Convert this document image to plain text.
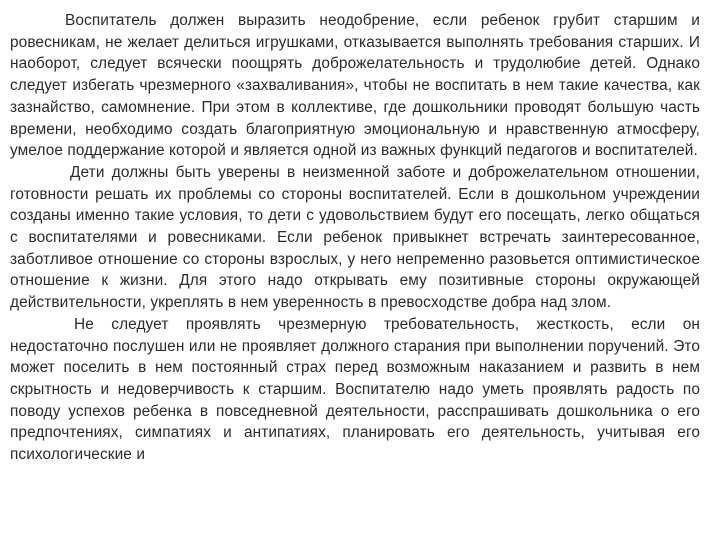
Воспитатель должен выразить неодобрение, если ребенок грубит старшим и ровесникам, не желает делиться игрушками, отказывается выполнять требования старших. И наоборот, следует всячески поощрять доброжелательность и трудолюбие детей. Однако следует избегать чрезмерного «захваливания», чтобы не воспитать в нем такие качества, как зазнайство, самомнение. При этом в коллективе, где дошкольники проводят большую часть времени, необходимо создать благоприятную эмоциональную и нравственную атмосферу, умелое поддержание которой и является одной из важных функций педагогов и воспитателей.

Дети должны быть уверены в неизменной заботе и доброжелательном отношении, готовности решать их проблемы со стороны воспитателей. Если в дошкольном учреждении созданы именно такие условия, то дети с удовольствием будут его посещать, легко общаться с воспитателями и ровесниками. Если ребенок привыкнет встречать заинтересованное, заботливое отношение со стороны взрослых, у него непременно разовьется оптимистическое отношение к жизни. Для этого надо открывать ему позитивные стороны окружающей действительности, укреплять в нем уверенность в превосходстве добра над злом.

Не следует проявлять чрезмерную требовательность, жесткость, если он недостаточно послушен или не проявляет должного старания при выполнении поручений. Это может поселить в нем постоянный страх перед возможным наказанием и развить в нем скрытность и недоверчивость к старшим. Воспитателю надо уметь проявлять радость по поводу успехов ребенка в повседневной деятельности, расспрашивать дошкольника о его предпочтениях, симпатиях и антипатиях, планировать его деятельность, учитывая его психологические и
